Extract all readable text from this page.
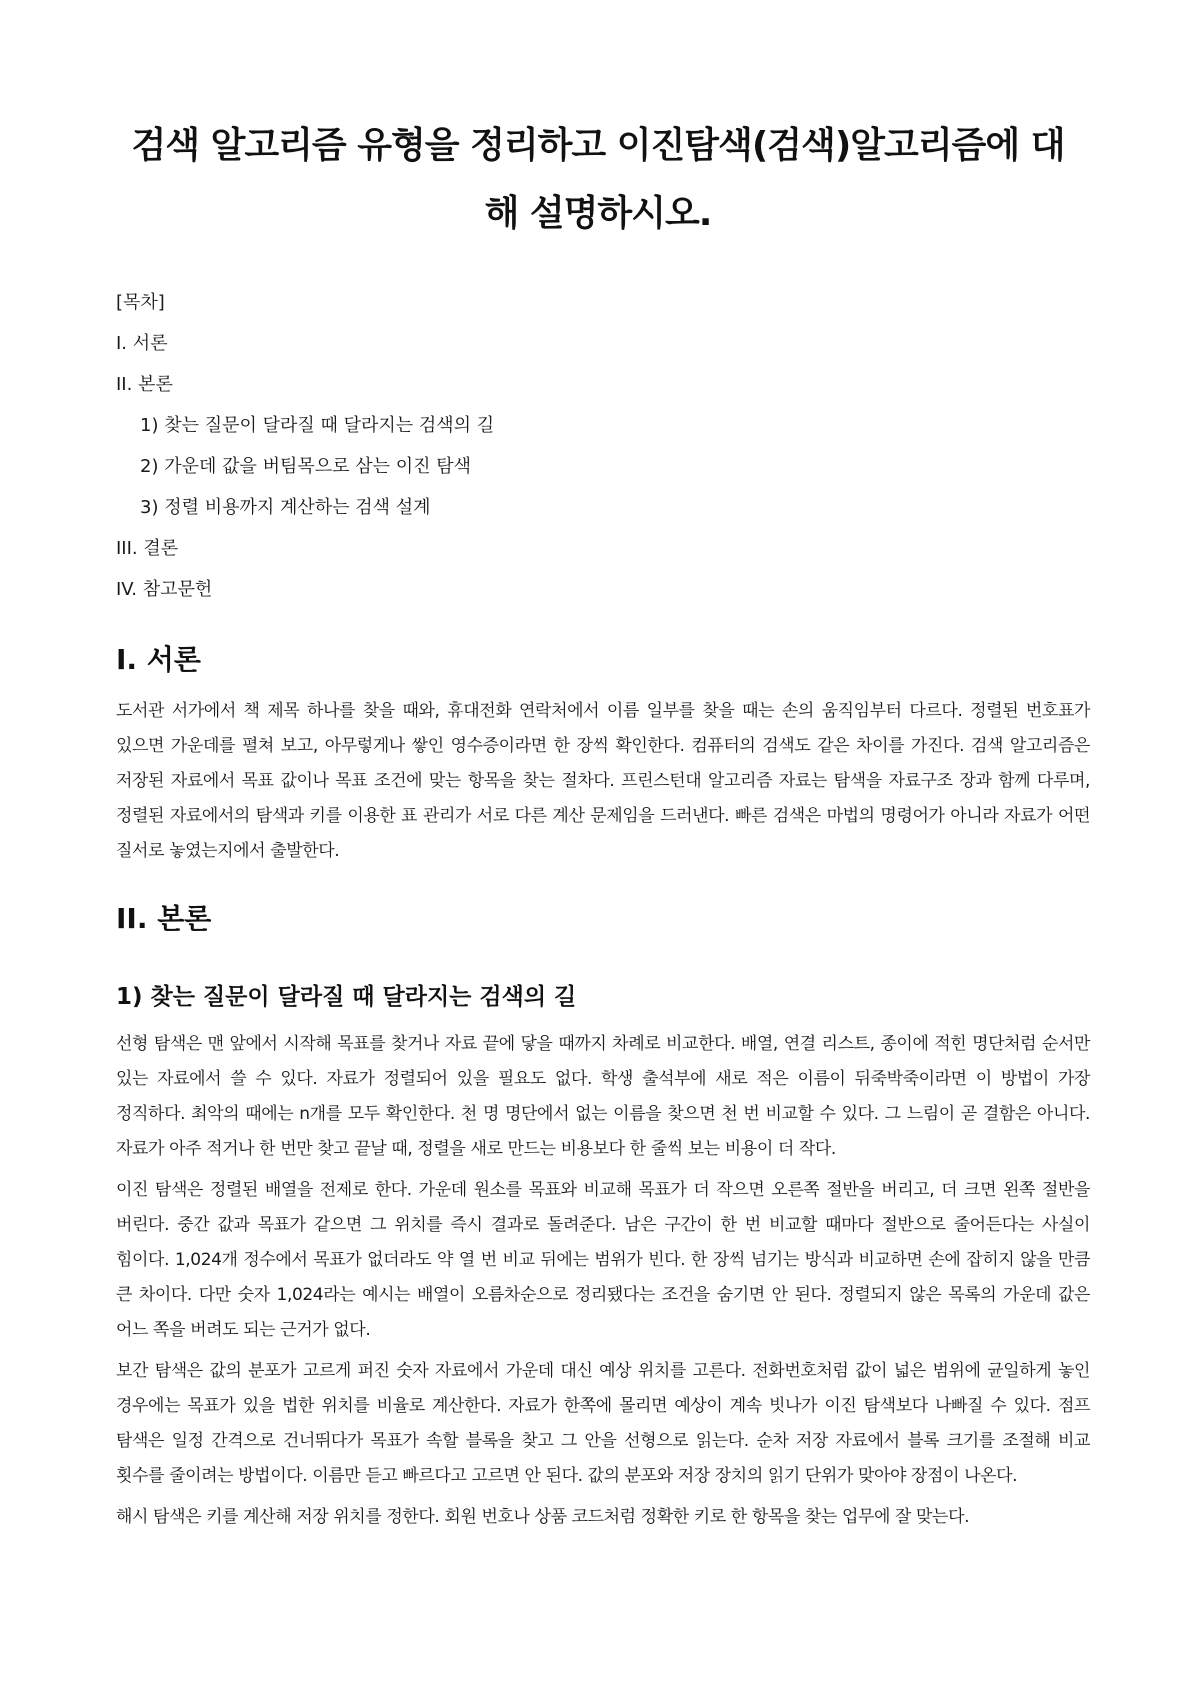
검색 알고리즘 유형을 정리하고 이진탐색(검색)알고리즘에 대해 설명하시오.
[목차]
I. 서론
II. 본론
1) 찾는 질문이 달라질 때 달라지는 검색의 길
2) 가운데 값을 버팀목으로 삼는 이진 탐색
3) 정렬 비용까지 계산하는 검색 설계
III. 결론
IV. 참고문헌
I. 서론

도서관 서가에서 책 제목 하나를 찾을 때와, 휴대전화 연락처에서 이름 일부를 찾을 때는 손의 움직임부터 다르다. 정렬된 번호표가 있으면 가운데를 펼쳐 보고, 아무렇게나 쌓인 영수증이라면 한 장씩 확인한다. 컴퓨터의 검색도 같은 차이를 가진다. 검색 알고리즘은 저장된 자료에서 목표 값이나 목표 조건에 맞는 항목을 찾는 절차다. 프린스턴대 알고리즘 자료는 탐색을 자료구조 장과 함께 다루며, 정렬된 자료에서의 탐색과 키를 이용한 표 관리가 서로 다른 계산 문제임을 드러낸다. 빠른 검색은 마법의 명령어가 아니라 자료가 어떤 질서로 놓였는지에서 출발한다.

II. 본론
1) 찾는 질문이 달라질 때 달라지는 검색의 길

선형 탐색은 맨 앞에서 시작해 목표를 찾거나 자료 끝에 닿을 때까지 차례로 비교한다. 배열, 연결 리스트, 종이에 적힌 명단처럼 순서만 있는 자료에서 쓸 수 있다. 자료가 정렬되어 있을 필요도 없다. 학생 출석부에 새로 적은 이름이 뒤죽박죽이라면 이 방법이 가장 정직하다. 최악의 때에는 n개를 모두 확인한다. 천 명 명단에서 없는 이름을 찾으면 천 번 비교할 수 있다. 그 느림이 곧 결함은 아니다. 자료가 아주 적거나 한 번만 찾고 끝날 때, 정렬을 새로 만드는 비용보다 한 줄씩 보는 비용이 더 작다.

이진 탐색은 정렬된 배열을 전제로 한다. 가운데 원소를 목표와 비교해 목표가 더 작으면 오른쪽 절반을 버리고, 더 크면 왼쪽 절반을 버린다. 중간 값과 목표가 같으면 그 위치를 즉시 결과로 돌려준다. 남은 구간이 한 번 비교할 때마다 절반으로 줄어든다는 사실이 힘이다. 1,024개 정수에서 목표가 없더라도 약 열 번 비교 뒤에는 범위가 빈다. 한 장씩 넘기는 방식과 비교하면 손에 잡히지 않을 만큼 큰 차이다. 다만 숫자 1,024라는 예시는 배열이 오름차순으로 정리됐다는 조건을 숨기면 안 된다. 정렬되지 않은 목록의 가운데 값은 어느 쪽을 버려도 되는 근거가 없다.

보간 탐색은 값의 분포가 고르게 퍼진 숫자 자료에서 가운데 대신 예상 위치를 고른다. 전화번호처럼 값이 넓은 범위에 균일하게 놓인 경우에는 목표가 있을 법한 위치를 비율로 계산한다. 자료가 한쪽에 몰리면 예상이 계속 빗나가 이진 탐색보다 나빠질 수 있다. 점프 탐색은 일정 간격으로 건너뛰다가 목표가 속할 블록을 찾고 그 안을 선형으로 읽는다. 순차 저장 자료에서 블록 크기를 조절해 비교 횟수를 줄이려는 방법이다. 이름만 듣고 빠르다고 고르면 안 된다. 값의 분포와 저장 장치의 읽기 단위가 맞아야 장점이 나온다.

해시 탐색은 키를 계산해 저장 위치를 정한다. 회원 번호나 상품 코드처럼 정확한 키로 한 항목을 찾는 업무에 잘 맞는다.
